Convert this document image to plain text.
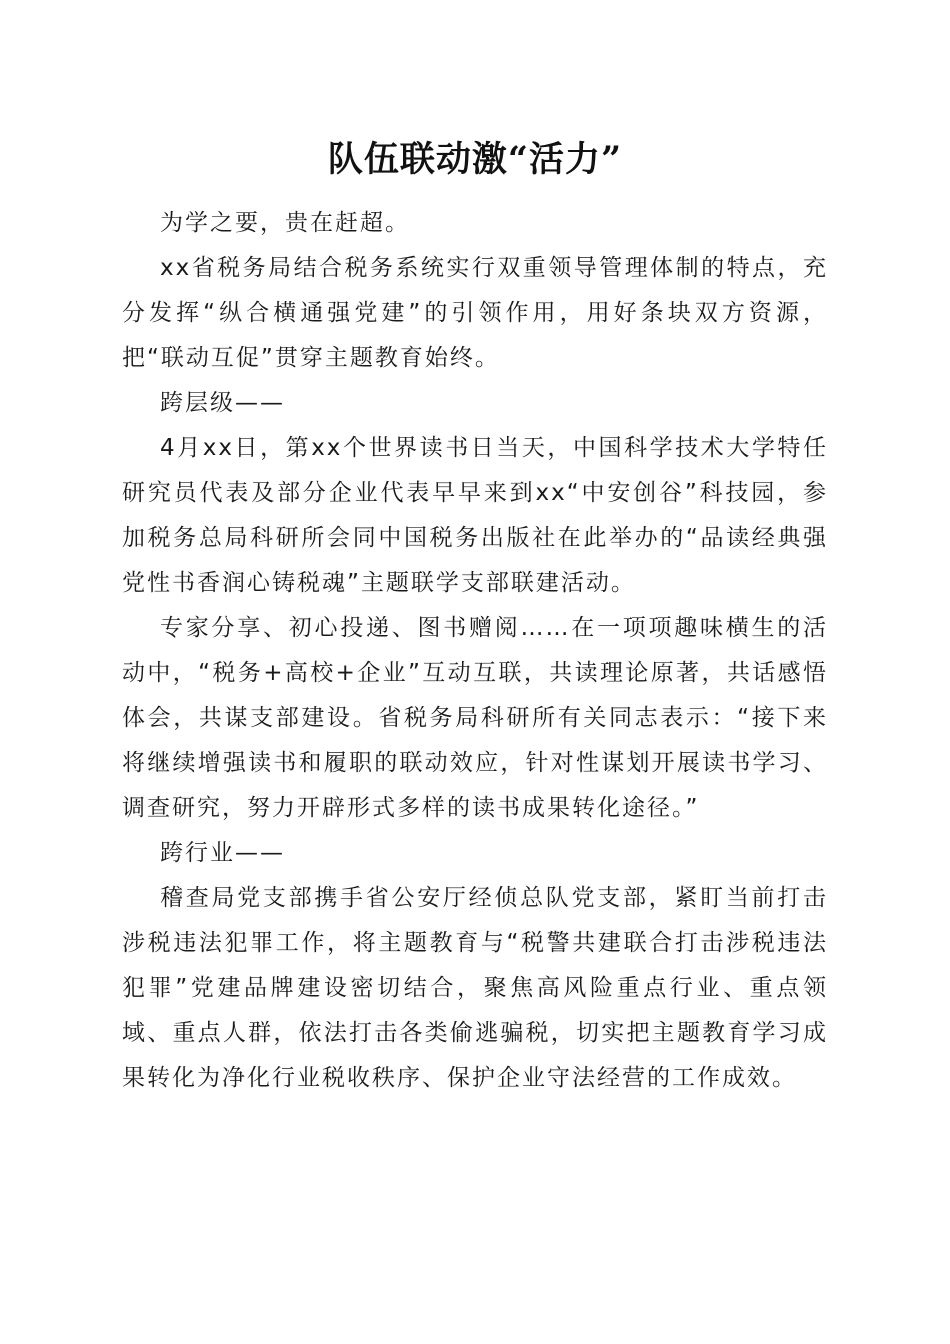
队伍联动激“活力”

为学之要，贵在赶超。

xx省税务局结合税务系统实行双重领导管理体制的特点，充分发挥“纵合横通强党建”的引领作用，用好条块双方资源，把“联动互促”贯穿主题教育始终。

跨层级——

4月xx日，第xx个世界读书日当天，中国科学技术大学特任研究员代表及部分企业代表早早来到xx“中安创谷”科技园，参加税务总局科研所会同中国税务出版社在此举办的“品读经典强党性书香润心铸税魂”主题联学支部联建活动。

专家分享、初心投递、图书赠阅……在一项项趣味横生的活动中，“税务+高校+企业”互动互联，共读理论原著，共话感悟体会，共谋支部建设。省税务局科研所有关同志表示：“接下来将继续增强读书和履职的联动效应，针对性谋划开展读书学习、调查研究，努力开辟形式多样的读书成果转化途径。”

跨行业——

稽查局党支部携手省公安厅经侦总队党支部，紧盯当前打击涉税违法犯罪工作，将主题教育与“税警共建联合打击涉税违法犯罪”党建品牌建设密切结合，聚焦高风险重点行业、重点领域、重点人群，依法打击各类偷逃骗税，切实把主题教育学习成果转化为净化行业税收秩序、保护企业守法经营的工作成效。
